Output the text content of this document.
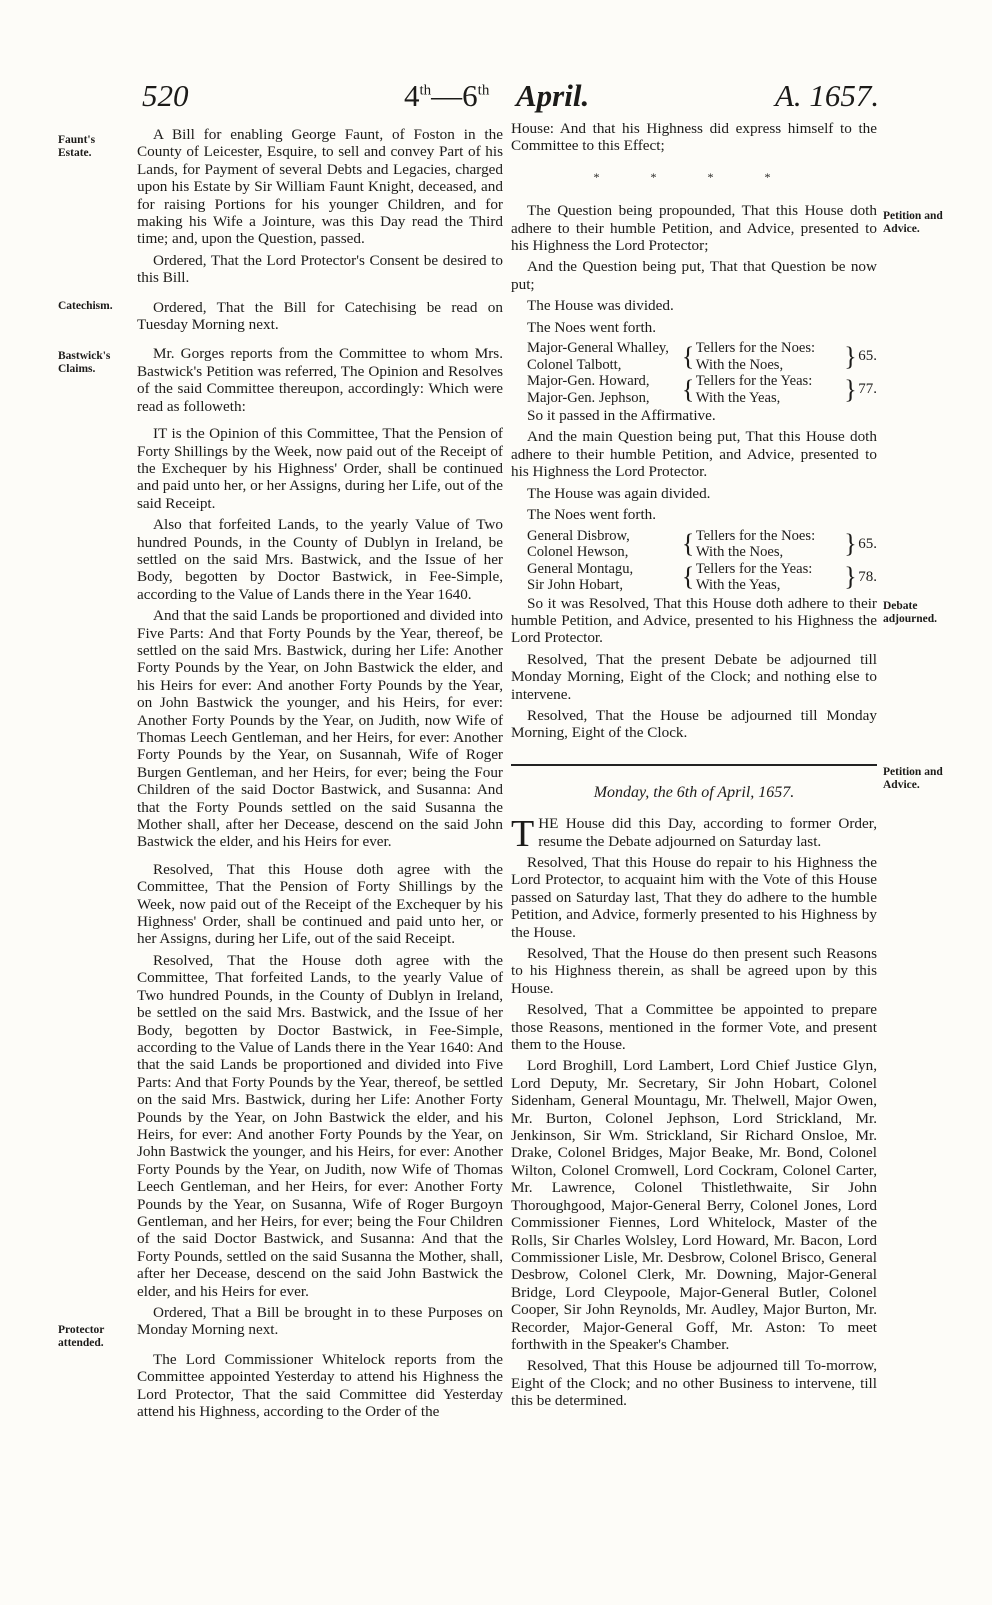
520	4th—6th April.	A. 1657.
Faunt's Estate.
Catechism.
Bastwick's Claims.
Protector attended.
Petition and Advice.
Debate adjourned.
Petition and Advice.

A Bill for enabling George Faunt, of Foston in the County of Leicester, Esquire, to sell and convey Part of his Lands, for Payment of several Debts and Legacies, charged upon his Estate by Sir William Faunt Knight, deceased, and for raising Portions for his younger Children, and for making his Wife a Jointure, was this Day read the Third time; and, upon the Question, passed.

Ordered, That the Lord Protector's Consent be desired to this Bill.

Ordered, That the Bill for Catechising be read on Tuesday Morning next.

Mr. Gorges reports from the Committee to whom Mrs. Bastwick's Petition was referred, The Opinion and Resolves of the said Committee thereupon, accordingly: Which were read as followeth:

IT is the Opinion of this Committee, That the Pension of Forty Shillings by the Week, now paid out of the Receipt of the Exchequer by his Highness' Order, shall be continued and paid unto her, or her Assigns, during her Life, out of the said Receipt.

Also that forfeited Lands, to the yearly Value of Two hundred Pounds, in the County of Dublyn in Ireland, be settled on the said Mrs. Bastwick, and the Issue of her Body, begotten by Doctor Bastwick, in Fee-Simple, according to the Value of Lands there in the Year 1640.

And that the said Lands be proportioned and divided into Five Parts: And that Forty Pounds by the Year, thereof, be settled on the said Mrs. Bastwick, during her Life: Another Forty Pounds by the Year, on John Bastwick the elder, and his Heirs for ever: And another Forty Pounds by the Year, on John Bastwick the younger, and his Heirs, for ever: Another Forty Pounds by the Year, on Judith, now Wife of Thomas Leech Gentleman, and her Heirs, for ever: Another Forty Pounds by the Year, on Susannah, Wife of Roger Burgen Gentleman, and her Heirs, for ever; being the Four Children of the said Doctor Bastwick, and Susanna: And that the Forty Pounds settled on the said Susanna the Mother shall, after her Decease, descend on the said John Bastwick the elder, and his Heirs for ever.

Resolved, That this House doth agree with the Committee, That the Pension of Forty Shillings by the Week, now paid out of the Receipt of the Exchequer by his Highness' Order, shall be continued and paid unto her, or her Assigns, during her Life, out of the said Receipt.

Resolved, That the House doth agree with the Committee, That forfeited Lands, to the yearly Value of Two hundred Pounds, in the County of Dublyn in Ireland, be settled on the said Mrs. Bastwick, and the Issue of her Body, begotten by Doctor Bastwick, in Fee-Simple, according to the Value of Lands there in the Year 1640: And that the said Lands be proportioned and divided into Five Parts: And that Forty Pounds by the Year, thereof, be settled on the said Mrs. Bastwick, during her Life: Another Forty Pounds by the Year, on John Bastwick the elder, and his Heirs, for ever: And another Forty Pounds by the Year, on John Bastwick the younger, and his Heirs, for ever: Another Forty Pounds by the Year, on Judith, now Wife of Thomas Leech Gentleman, and her Heirs, for ever: Another Forty Pounds by the Year, on Susanna, Wife of Roger Burgoyn Gentleman, and her Heirs, for ever; being the Four Children of the said Doctor Bastwick, and Susanna: And that the Forty Pounds, settled on the said Susanna the Mother, shall, after her Decease, descend on the said John Bastwick the elder, and his Heirs for ever.

Ordered, That a Bill be brought in to these Purposes on Monday Morning next.

The Lord Commissioner Whitelock reports from the Committee appointed Yesterday to attend his Highness the Lord Protector, That the said Committee did Yesterday attend his Highness, according to the Order of the

House: And that his Highness did express himself to the Committee to this Effect;

* * * *

The Question being propounded, That this House doth adhere to their humble Petition, and Advice, presented to his Highness the Lord Protector;

And the Question being put, That that Question be now put;

The House was divided.

The Noes went forth.

Major-General Whalley,	{	Tellers for the Noes:	}	65.
Colonel Talbott,		With the Noes,		
Major-Gen. Howard,	{	Tellers for the Yeas:	}	77.
Major-Gen. Jephson,		With the Yeas,		

So it passed in the Affirmative.

And the main Question being put, That this House doth adhere to their humble Petition, and Advice, presented to his Highness the Lord Protector.

The House was again divided.

The Noes went forth.

General Disbrow,	{	Tellers for the Noes:	}	65.
Colonel Hewson,		With the Noes,		
General Montagu,	{	Tellers for the Yeas:	}	78.
Sir John Hobart,		With the Yeas,		

So it was Resolved, That this House doth adhere to their humble Petition, and Advice, presented to his Highness the Lord Protector.

Resolved, That the present Debate be adjourned till Monday Morning, Eight of the Clock; and nothing else to intervene.

Resolved, That the House be adjourned till Monday Morning, Eight of the Clock.

Monday, the 6th of April, 1657.

THE House did this Day, according to former Order, resume the Debate adjourned on Saturday last.

Resolved, That this House do repair to his Highness the Lord Protector, to acquaint him with the Vote of this House passed on Saturday last, That they do adhere to the humble Petition, and Advice, formerly presented to his Highness by the House.

Resolved, That the House do then present such Reasons to his Highness therein, as shall be agreed upon by this House.

Resolved, That a Committee be appointed to prepare those Reasons, mentioned in the former Vote, and present them to the House.

Lord Broghill, Lord Lambert, Lord Chief Justice Glyn, Lord Deputy, Mr. Secretary, Sir John Hobart, Colonel Sidenham, General Mountagu, Mr. Thelwell, Major Owen, Mr. Burton, Colonel Jephson, Lord Strickland, Mr. Jenkinson, Sir Wm. Strickland, Sir Richard Onsloe, Mr. Drake, Colonel Bridges, Major Beake, Mr. Bond, Colonel Wilton, Colonel Cromwell, Lord Cockram, Colonel Carter, Mr. Lawrence, Colonel Thistlethwaite, Sir John Thoroughgood, Major-General Berry, Colonel Jones, Lord Commissioner Fiennes, Lord Whitelock, Master of the Rolls, Sir Charles Wolsley, Lord Howard, Mr. Bacon, Lord Commissioner Lisle, Mr. Desbrow, Colonel Brisco, General Desbrow, Colonel Clerk, Mr. Downing, Major-General Bridge, Lord Cleypoole, Major-General Butler, Colonel Cooper, Sir John Reynolds, Mr. Audley, Major Burton, Mr. Recorder, Major-General Goff, Mr. Aston: To meet forthwith in the Speaker's Chamber.

Resolved, That this House be adjourned till To-morrow, Eight of the Clock; and no other Business to intervene, till this be determined.
